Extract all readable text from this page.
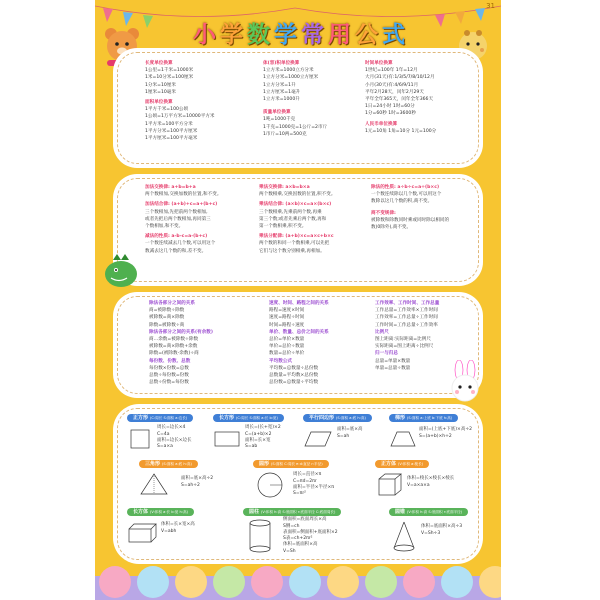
31
小学数学常用公式
长度单位换算
1公里=1千米=1000米
1米=10分米=100厘米
1分米=10厘米
1厘米=10毫米
面积单位换算
1平方千米=100公顷
1公顷=1万平方米=10000平方米
1平方米=100平方分米
1平方分米=100平方厘米
1平方厘米=100平方毫米
体(容)积单位换算
1立方米=1000立方分米
1立方分米=1000立方厘米
1立方分米=1升
1立方厘米=1毫升
1立方米=1000升
质量单位换算
1吨=1000千克
1千克=1000克=1公斤=2市斤
1市斤=10两=500克
时间单位换算
1世纪=100年 1年=12月
大月(31天)有:1/3/5/7/8/10/12月
小月(30天)有:4/6/9/11月
平年2月28天，闰年2月29天
平年全年365天，闰年全年366天
1日=24小时 1时=60分
1分=60秒 1时=3600秒
人民币单位换算
1元=10角 1角=10分 1元=100分
加法交换律: a+b=b+a
两个数相加,交换加数的位置,和不变。
加法结合律: (a+b)+c=a+(b+c)
三个数相加,先把前两个数相加,
或者先把后两个数相加,再同第三
个数相加,和不变。
减法的性质: a-b-c=a-(b+c)
一个数连续减去几个数,可以用这个
数减去这几个数的和,差不变。
乘法交换律: a×b=b×a
两个数相乘,交换因数的位置,积不变。
乘法结合律: (a×b)×c=a×(b×c)
三个数相乘,先乘前两个数,再乘
第三个数;或者先乘后两个数,再和
第一个数相乘,积不变。
乘法分配律: (a+b)×c=a×c+b×c
两个数的和同一个数相乘,可以先把
它们与这个数分别相乘,再相加。
除法的性质: a÷b÷c=a÷(b×c)
一个数连续除以几个数,可以用这个
数除以这几个数的积,商不变。
商不变规律:
被除数和除数同时乘或同时除以相同的
数(0除外),商不变。
除法各部分之间的关系
商=被除数÷除数
被除数=商×除数
除数=被除数÷商
除法各部分之间的关系(有余数)
商…余数=被除数÷除数
被除数=商×除数+余数
除数=(被除数-余数)÷商
每份数、份数、总数
每份数×份数=总数
总数÷每份数=份数
总数÷份数=每份数
速度、时间、路程之间的关系
路程=速度×时间
速度=路程÷时间
时间=路程÷速度
单价、数量、总价之间的关系
总价=单价×数量
单价=总价÷数量
数量=总价÷单价
平均数公式
平均数=总数量÷总份数
总数量=平均数×总份数
总份数=总数量÷平均数
工作效率、工作时间、工作总量
工作总量=工作效率×工作时间
工作效率=工作总量÷工作时间
工作时间=工作总量÷工作效率
比例尺
图上距离:实际距离=比例尺
实际距离=图上距离÷比例尺
归一与归总
总量=单量×数量
单量=总量÷数量
正方形 (C:周长 S:面积 a:边长)
周长=边长×4
C=4a
面积=边长×边长
S=a×a
长方形 (C:周长 S:面积 a:长 b:宽)
周长=(长+宽)×2
C=(a+b)×2
面积=长×宽
S=ab
平行四边形 (S:面积 a:底 h:高)
面积=底×高
S=ah
梯形 (S:面积 a:上底 b:下底 h:高)
面积=(上底+下底)×高÷2
S=(a+b)×h÷2
三角形 (S:面积 a:底 h:高)
面积=底×高÷2
S=ah÷2
圆形 (S:面积 C:周长 π d:直径 r:半径)
周长=直径×π
C=πd=2πr
面积=半径×半径×π
S=πr²
正方体 (V:体积 a:棱长)
体积=棱长×棱长×棱长
V=a×a×a
长方体 (V:体积 a:长 b:宽 h:高)
体积=长×宽×高
V=abh
圆柱 (V:体积 h:高 S:底面积 r:底面半径 C:底面周长)
侧面积=底面周长×高
S侧=ch
表面积=侧面积+底面积×2
S表=ch+2πr²
体积=底面积×高
V=Sh
圆锥 (V:体积 h:高 S:底面积 r:底面半径)
体积=底面积×高÷3
V=Sh÷3
